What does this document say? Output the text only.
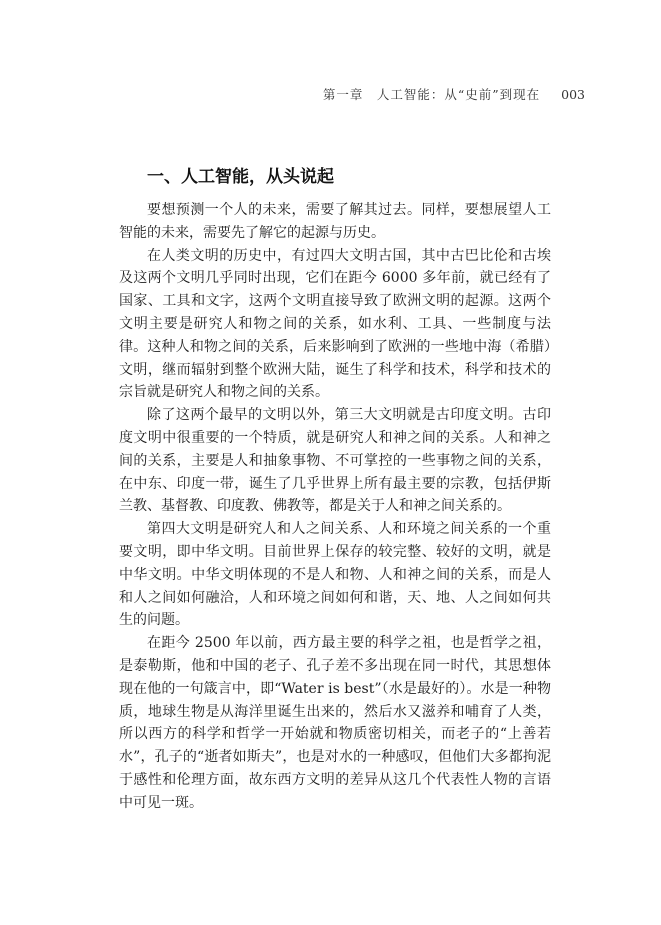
第一章　人工智能：从“史前”到现在 003
一、人工智能，从头说起

要想预测一个人的未来，需要了解其过去。同样，要想展望人工智能的未来，需要先了解它的起源与历史。

在人类文明的历史中，有过四大文明古国，其中古巴比伦和古埃及这两个文明几乎同时出现，它们在距今 6000 多年前，就已经有了国家、工具和文字，这两个文明直接导致了欧洲文明的起源。这两个文明主要是研究人和物之间的关系，如水利、工具、一些制度与法律。这种人和物之间的关系，后来影响到了欧洲的一些地中海（希腊）文明，继而辐射到整个欧洲大陆，诞生了科学和技术，科学和技术的宗旨就是研究人和物之间的关系。

除了这两个最早的文明以外，第三大文明就是古印度文明。古印度文明中很重要的一个特质，就是研究人和神之间的关系。人和神之间的关系，主要是人和抽象事物、不可掌控的一些事物之间的关系，在中东、印度一带，诞生了几乎世界上所有最主要的宗教，包括伊斯兰教、基督教、印度教、佛教等，都是关于人和神之间关系的。

第四大文明是研究人和人之间关系、人和环境之间关系的一个重要文明，即中华文明。目前世界上保存的较完整、较好的文明，就是中华文明。中华文明体现的不是人和物、人和神之间的关系，而是人和人之间如何融洽，人和环境之间如何和谐，天、地、人之间如何共生的问题。

在距今 2500 年以前，西方最主要的科学之祖，也是哲学之祖，是泰勒斯，他和中国的老子、孔子差不多出现在同一时代，其思想体现在他的一句箴言中，即“Water is best”（水是最好的）。水是一种物质，地球生物是从海洋里诞生出来的，然后水又滋养和哺育了人类，所以西方的科学和哲学一开始就和物质密切相关，而老子的“上善若水”，孔子的“逝者如斯夫”，也是对水的一种感叹，但他们大多都拘泥于感性和伦理方面，故东西方文明的差异从这几个代表性人物的言语中可见一斑。
